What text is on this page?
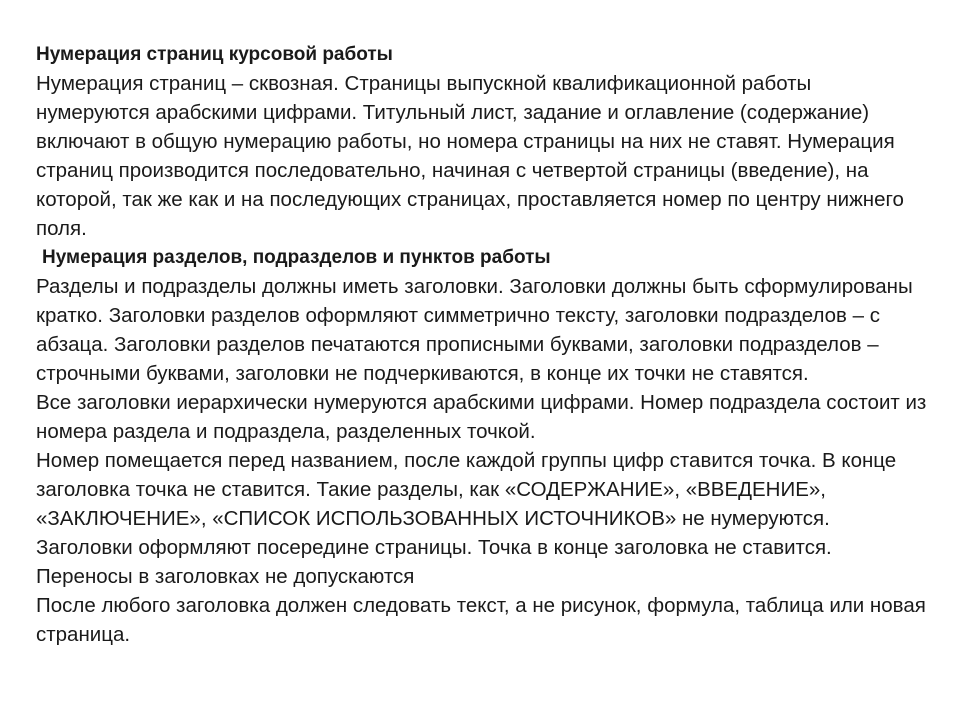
Нумерация страниц курсовой работы

Нумерация страниц – сквозная. Страницы выпускной квалификационной работы нумеруются арабскими цифрами. Титульный лист, задание и оглавление (содержание) включают в общую нумерацию работы, но номера страницы на них не ставят. Нумерация страниц производится последовательно, начиная с четвертой страницы (введение), на которой, так же как и на последующих страницах, проставляется номер по центру нижнего поля.

Нумерация разделов, подразделов и пунктов работы

Разделы и подразделы должны иметь заголовки. Заголовки должны быть сформулированы кратко. Заголовки разделов оформляют симметрично тексту, заголовки подразделов – с абзаца. Заголовки разделов печатаются прописными буквами, заголовки подразделов – строчными буквами, заголовки не подчеркиваются, в конце их точки не ставятся.

Все заголовки иерархически нумеруются арабскими цифрами. Номер подраздела состоит из номера раздела и подраздела, разделенных точкой.

Номер помещается перед названием, после каждой группы цифр ставится точка. В конце заголовка точка не ставится. Такие разделы, как «СОДЕРЖАНИЕ», «ВВЕДЕНИЕ», «ЗАКЛЮЧЕНИЕ», «СПИСОК ИСПОЛЬЗОВАННЫХ ИСТОЧНИКОВ» не нумеруются.

Заголовки оформляют посередине страницы. Точка в конце заголовка не ставится.

Переносы в заголовках не допускаются

После любого заголовка должен следовать текст, а не рисунок, формула, таблица или новая страница.
